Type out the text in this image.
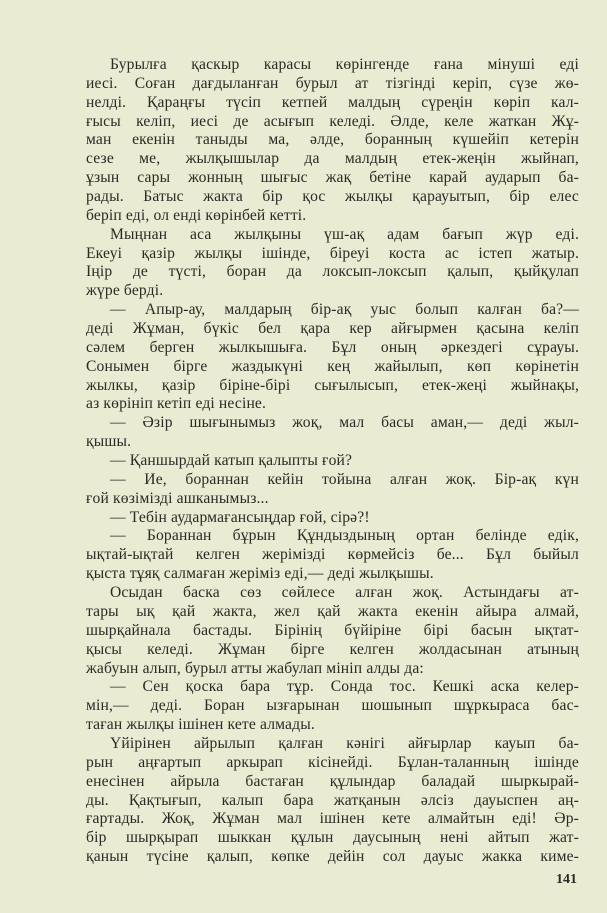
Бурылға қаскыр карасы көрінгенде ғана мінуші еді
иесі. Соған дағдыланған бурыл ат тізгінді керіп, сүзе жө-
нелді. Қараңғы түсіп кетпей малдың сүреңін көріп кал-
ғысы келіп, иесі де асығып келеді. Әлде, келе жаткан Жұ-
ман екенін таныды ма, әлде, боранның күшейіп кетерін
сезе ме, жылқышылар да малдың етек-жеңін жыйнап,
ұзын сары жонның шығыс жақ бетіне карай аударып ба-
рады. Батыс жакта бір қос жылқы қарауытып, бір елес
беріп еді, ол енді көрінбей кетті.
Мыңнан аса жылқыны үш-ақ адам бағып жүр еді.
Екеуі қазір жылқы ішінде, біреуі коста ас істеп жатыр.
Іңір де түсті, боран да локсып-локсып қалып, қыйқулап
жүре берді.
— Апыр-ау, малдарың бір-ақ уыс болып калған ба?—
деді Жұман, бүкіс бел қара кер айғырмен қасына келіп
сәлем берген жылкышыға. Бұл оның әркездегі сұрауы.
Сонымен бірге жаздыкүні кең жайылып, көп көрінетін
жылкы, қазір біріне-бірі сығылысып, етек-жеңі жыйнақы,
аз көрініп кетіп еді несіне.
— Әзір шығынымыз жоқ, мал басы аман,— деді жыл-
қышы.
— Қаншырдай катып қалыпты ғой?
— Ие, бораннан кейін тойына алған жоқ. Бір-ақ күн
ғой көзімізді ашканымыз...
— Тебін аудармағансыңдар ғой, сірә?!
— Бораннан бұрын Құндыздының ортан белінде едік,
ықтай-ықтай келген жерімізді көрмейсіз бе... Бұл быйыл
қыста тұяқ салмаған жеріміз еді,— деді жылқышы.
Осыдан баска сөз сөйлесе алған жоқ. Астындағы ат-
тары ық қай жакта, жел қай жакта екенін айыра алмай,
шырқайнала бастады. Бірінің бүйіріне бірі басын ықтат-
қысы келеді. Жұман бірге келген жолдасынан атының
жабуын алып, бурыл атты жабулап мініп алды да:
— Сен қоска бара тұр. Сонда тос. Кешкі аска келер-
мін,— деді. Боран ызғарынан шошынып шұркыраса бас-
таған жылқы ішінен кете алмады.
Үйірінен айрылып қалған кәнігі айғырлар кауып ба-
рын аңғартып аркырап кісінейді. Бұлан-таланның ішінде
енесінен айрыла бастаған құлындар баладай шыркырай-
ды. Қақтығып, калып бара жатқанын әлсіз дауыспен аң-
ғартады. Жоқ, Жұман мал ішінен кете алмайтын еді! Әр-
бір шырқырап шыккан құлын даусының нені айтып жат-
қанын түсіне қалып, көпке дейін сол дауыс жакка киме-
141
